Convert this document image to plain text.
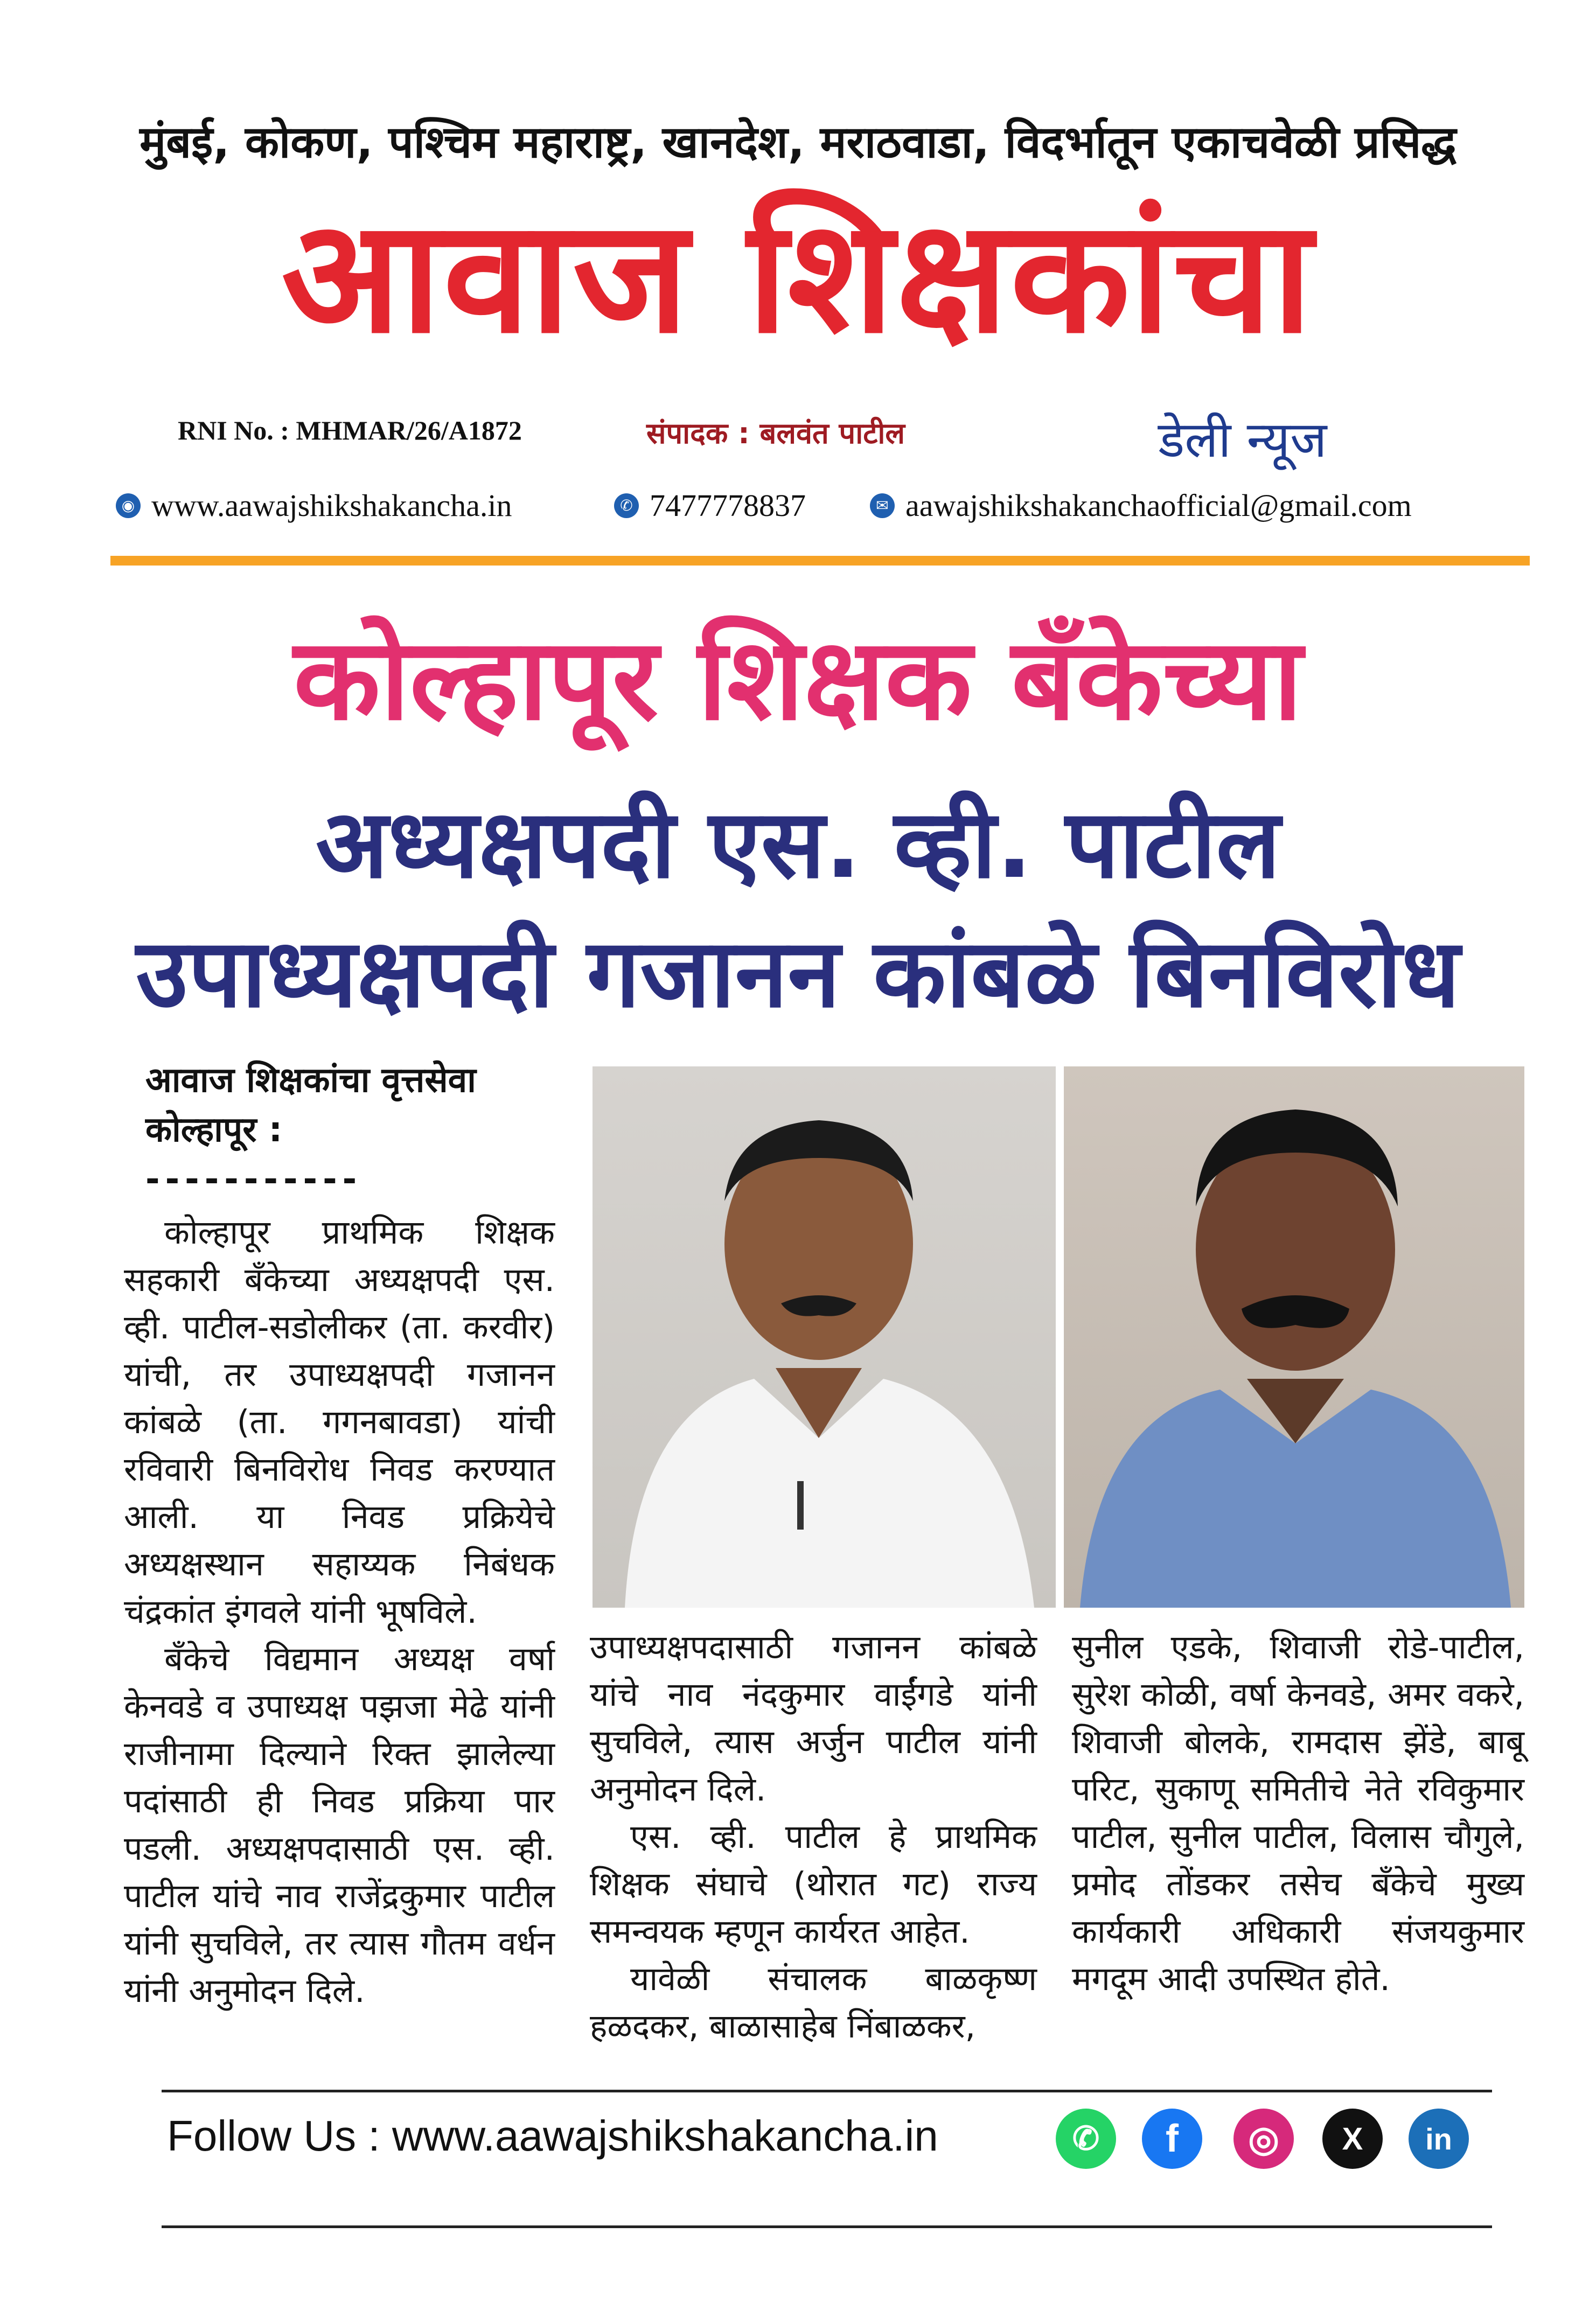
मुंबई, कोकण, पश्चिम महाराष्ट्र, खानदेश, मराठवाडा, विदर्भातून एकाचवेळी प्रसिद्ध
आवाज शिक्षकांचा
RNI No. : MHMAR/26/A1872	संपादक : बलवंत पाटील	डेली न्यूज
◉ www.aawajshikshakancha.in	✆ 7477778837	✉ aawajshikshakanchaofficial@gmail.com
कोल्हापूर शिक्षक बँकेच्या
अध्यक्षपदी एस. व्ही. पाटील
उपाध्यक्षपदी गजानन कांबळे बिनविरोध
आवाज शिक्षकांचा वृत्तसेवा
कोल्हापूर :
-----------

कोल्हापूर प्राथमिक शिक्षक सहकारी बँकेच्या अध्यक्षपदी एस. व्ही. पाटील-सडोलीकर (ता. करवीर) यांची, तर उपाध्यक्षपदी गजानन कांबळे (ता. गगनबावडा) यांची रविवारी बिनविरोध निवड करण्यात आली. या निवड प्रक्रियेचे अध्यक्षस्थान सहाय्यक निबंधक चंद्रकांत इंगवले यांनी भूषविले.

बँकेचे विद्यमान अध्यक्ष वर्षा केनवडे व उपाध्यक्ष पझजा मेढे यांनी राजीनामा दिल्याने रिक्त झालेल्या पदांसाठी ही निवड प्रक्रिया पार पडली. अध्यक्षपदासाठी एस. व्ही. पाटील यांचे नाव राजेंद्रकुमार पाटील यांनी सुचविले, तर त्यास गौतम वर्धन यांनी अनुमोदन दिले.

उपाध्यक्षपदासाठी गजानन कांबळे यांचे नाव नंदकुमार वाईंगडे यांनी सुचविले, त्यास अर्जुन पाटील यांनी अनुमोदन दिले.

एस. व्ही. पाटील हे प्राथमिक शिक्षक संघाचे (थोरात गट) राज्य समन्वयक म्हणून कार्यरत आहेत.

यावेळी संचालक बाळकृष्ण हळदकर, बाळासाहेब निंबाळकर,

सुनील एडके, शिवाजी रोडे-पाटील, सुरेश कोळी, वर्षा केनवडे, अमर वकरे, शिवाजी बोलके, रामदास झेंडे, बाबू परिट, सुकाणू समितीचे नेते रविकुमार पाटील, सुनील पाटील, विलास चौगुले, प्रमोद तोंडकर तसेच बँकेचे मुख्य कार्यकारी अधिकारी संजयकुमार मगदूम आदी उपस्थित होते.

Follow Us : www.aawajshikshakancha.in	✆ f ◎ X in
